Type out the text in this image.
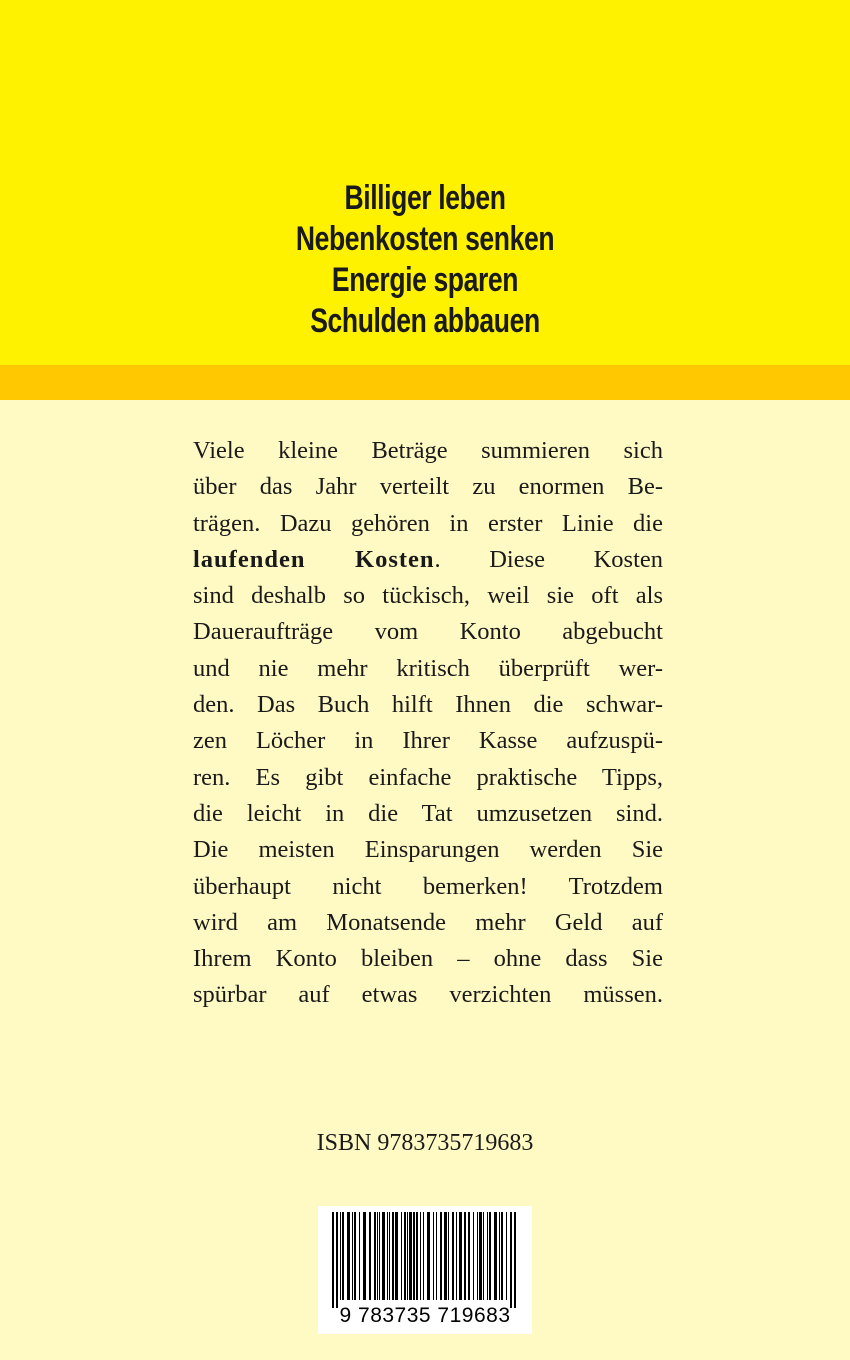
Billiger leben
Nebenkosten senken
Energie sparen
Schulden abbauen
Viele kleine Beträge summieren sich
über das Jahr verteilt zu enormen Be-
trägen. Dazu gehören in erster Linie die
laufenden Kosten. Diese Kosten
sind deshalb so tückisch, weil sie oft als
Daueraufträge vom Konto abgebucht
und nie mehr kritisch überprüft wer-
den. Das Buch hilft Ihnen die schwar-
zen Löcher in Ihrer Kasse aufzuspü-
ren. Es gibt einfache praktische Tipps,
die leicht in die Tat umzusetzen sind.
Die meisten Einsparungen werden Sie
überhaupt nicht bemerken! Trotzdem
wird am Monatsende mehr Geld auf
Ihrem Konto bleiben – ohne dass Sie
spürbar auf etwas verzichten müssen.
ISBN 9783735719683
9 783735 719683
